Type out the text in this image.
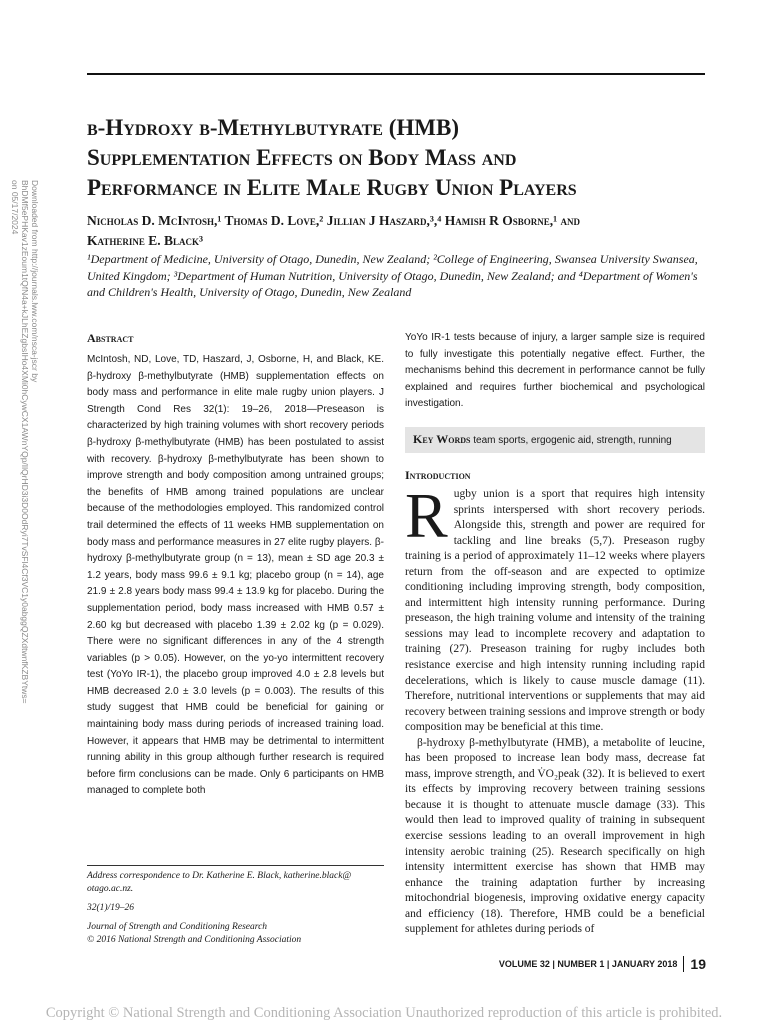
Downloaded from http://journals.lww.com/nsca-jscr by BhDMf5ePHKav1zEoum1tQfN4a+kJLhEZgbsIHo4XMi0hCywCX1AWnYQp/IlQrHD3i3D0OdRyi7TvSFl4Cf3VC1y0abggQZXdtwnfKZBYtws= on 05/17/2024
β-Hydroxy β-Methylbutyrate (HMB)
Supplementation Effects on Body Mass and
Performance in Elite Male Rugby Union Players
Nicholas D. McIntosh,¹ Thomas D. Love,² Jillian J Haszard,³,⁴ Hamish R Osborne,¹ and
Katherine E. Black³
¹Department of Medicine, University of Otago, Dunedin, New Zealand; ²College of Engineering, Swansea University Swansea, United Kingdom; ³Department of Human Nutrition, University of Otago, Dunedin, New Zealand; and ⁴Department of Women's and Children's Health, University of Otago, Dunedin, New Zealand
Abstract

McIntosh, ND, Love, TD, Haszard, J, Osborne, H, and Black, KE. β-hydroxy β-methylbutyrate (HMB) supplementation effects on body mass and performance in elite male rugby union players. J Strength Cond Res 32(1): 19–26, 2018—Preseason is characterized by high training volumes with short recovery periods β-hydroxy β-methylbutyrate (HMB) has been postulated to assist with recovery. β-hydroxy β-methylbutyrate has been shown to improve strength and body composition among untrained groups; the benefits of HMB among trained populations are unclear because of the methodologies employed. This randomized control trail determined the effects of 11 weeks HMB supplementation on body mass and performance measures in 27 elite rugby players. β-hydroxy β-methylbutyrate group (n = 13), mean ± SD age 20.3 ± 1.2 years, body mass 99.6 ± 9.1 kg; placebo group (n = 14), age 21.9 ± 2.8 years body mass 99.4 ± 13.9 kg for placebo. During the supplementation period, body mass increased with HMB 0.57 ± 2.60 kg but decreased with placebo 1.39 ± 2.02 kg (p = 0.029). There were no significant differences in any of the 4 strength variables (p > 0.05). However, on the yo-yo intermittent recovery test (YoYo IR-1), the placebo group improved 4.0 ± 2.8 levels but HMB decreased 2.0 ± 3.0 levels (p = 0.003). The results of this study suggest that HMB could be beneficial for gaining or maintaining body mass during periods of increased training load. However, it appears that HMB may be detrimental to intermittent running ability in this group although further research is required before firm conclusions can be made. Only 6 participants on HMB managed to complete both

Address correspondence to Dr. Katherine E. Black, katherine.black@ otago.ac.nz.

32(1)/19–26

Journal of Strength and Conditioning Research

© 2016 National Strength and Conditioning Association

YoYo IR-1 tests because of injury, a larger sample size is required to fully investigate this potentially negative effect. Further, the mechanisms behind this decrement in performance cannot be fully explained and requires further biochemical and psychological investigation.

Key Words team sports, ergogenic aid, strength, running
Introduction

Rugby union is a sport that requires high intensity sprints interspersed with short recovery periods. Alongside this, strength and power are required for tackling and line breaks (5,7). Preseason rugby training is a period of approximately 11–12 weeks where players return from the off-season and are expected to optimize conditioning including improving strength, body composition, and intermittent high intensity running performance. During preseason, the high training volume and intensity of the training sessions may lead to incomplete recovery and adaptation to training (27). Preseason training for rugby includes both resistance exercise and high intensity running including rapid decelerations, which is likely to cause muscle damage (11). Therefore, nutritional interventions or supplements that may aid recovery between training sessions and improve strength or body composition may be beneficial at this time.

β-hydroxy β-methylbutyrate (HMB), a metabolite of leucine, has been proposed to increase lean body mass, decrease fat mass, improve strength, and V̇O₂peak (32). It is believed to exert its effects by improving recovery between training sessions because it is thought to attenuate muscle damage (33). This would then lead to improved quality of training in subsequent exercise sessions leading to an overall improvement in high intensity aerobic training (25). Research specifically on high intensity intermittent exercise has shown that HMB may enhance the training adaptation further by increasing mitochondrial biogenesis, improving oxidative energy capacity and efficiency (18). Therefore, HMB could be a beneficial supplement for athletes during periods of

VOLUME 32 | NUMBER 1 | JANUARY 2018 19
Copyright © National Strength and Conditioning Association Unauthorized reproduction of this article is prohibited.
